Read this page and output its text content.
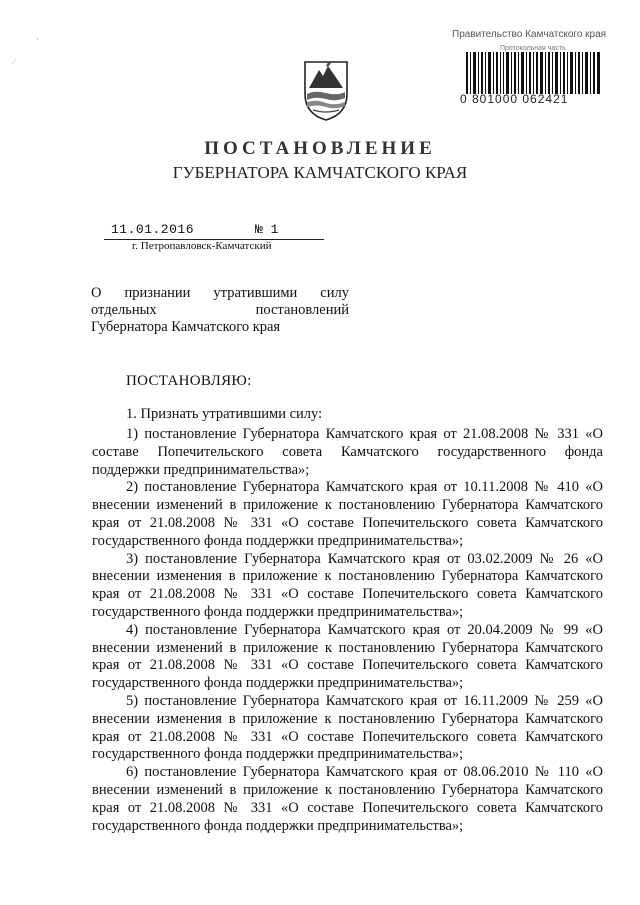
·
·′
Правительство Камчатского края
Протокольная часть
0 801000 062421
ПОСТАНОВЛЕНИЕ
ГУБЕРНАТОРА КАМЧАТСКОГО КРАЯ
11.01.2016	№ 1
г. Петропавловск-Камчатский
О признании утратившими силу
отдельных постановлений
Губернатора Камчатского края
ПОСТАНОВЛЯЮ:
1. Признать утратившими силу:
1) постановление Губернатора Камчатского края от 21.08.2008 № 331 «О
составе Попечительского совета Камчатского государственного фонда
поддержки предпринимательства»;
2) постановление Губернатора Камчатского края от 10.11.2008 № 410 «О
внесении изменений в приложение к постановлению Губернатора Камчатского
края от 21.08.2008 № 331 «О составе Попечительского совета Камчатского
государственного фонда поддержки предпринимательства»;
3) постановление Губернатора Камчатского края от 03.02.2009 № 26 «О
внесении изменения в приложение к постановлению Губернатора Камчатского
края от 21.08.2008 № 331 «О составе Попечительского совета Камчатского
государственного фонда поддержки предпринимательства»;
4) постановление Губернатора Камчатского края от 20.04.2009 № 99 «О
внесении изменений в приложение к постановлению Губернатора Камчатского
края от 21.08.2008 № 331 «О составе Попечительского совета Камчатского
государственного фонда поддержки предпринимательства»;
5) постановление Губернатора Камчатского края от 16.11.2009 № 259 «О
внесении изменения в приложение к постановлению Губернатора Камчатского
края от 21.08.2008 № 331 «О составе Попечительского совета Камчатского
государственного фонда поддержки предпринимательства»;
6) постановление Губернатора Камчатского края от 08.06.2010 № 110 «О
внесении изменений в приложение к постановлению Губернатора Камчатского
края от 21.08.2008 № 331 «О составе Попечительского совета Камчатского
государственного фонда поддержки предпринимательства»;
